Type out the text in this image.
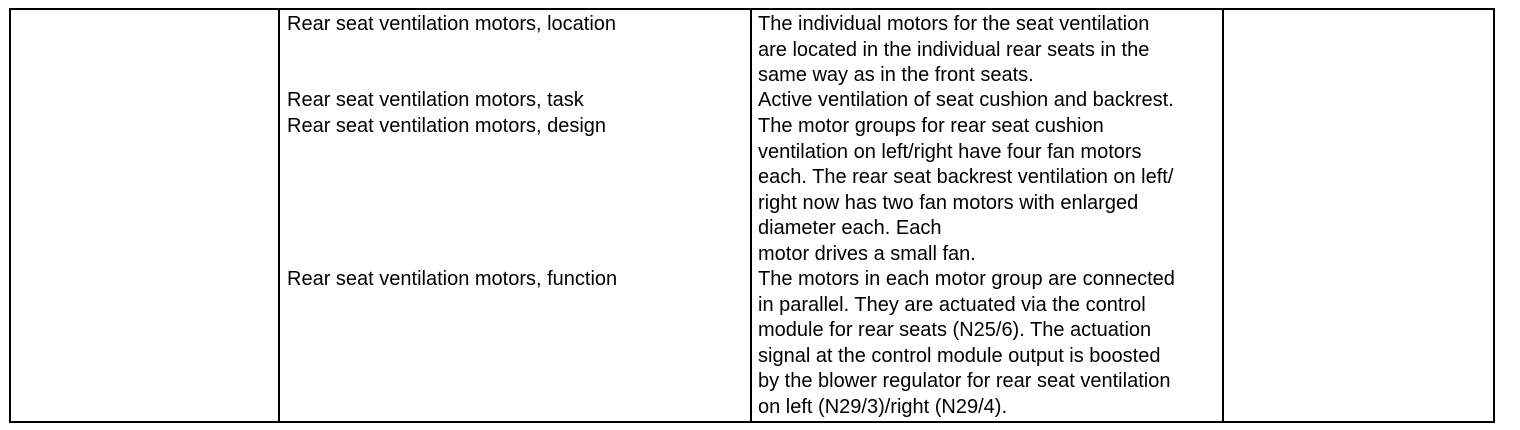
Rear seat ventilation motors, location	The individual motors for the seat ventilation
are located in the individual rear seats in the
same way as in the front seats.
Rear seat ventilation motors, task	Active ventilation of seat cushion and backrest.
Rear seat ventilation motors, design	The motor groups for rear seat cushion
ventilation on left/right have four fan motors
each. The rear seat backrest ventilation on left/
right now has two fan motors with enlarged
diameter each. Each
motor drives a small fan.
Rear seat ventilation motors, function	The motors in each motor group are connected
in parallel. They are actuated via the control
module for rear seats (N25/6). The actuation
signal at the control module output is boosted
by the blower regulator for rear seat ventilation
on left (N29/3)/right (N29/4).
